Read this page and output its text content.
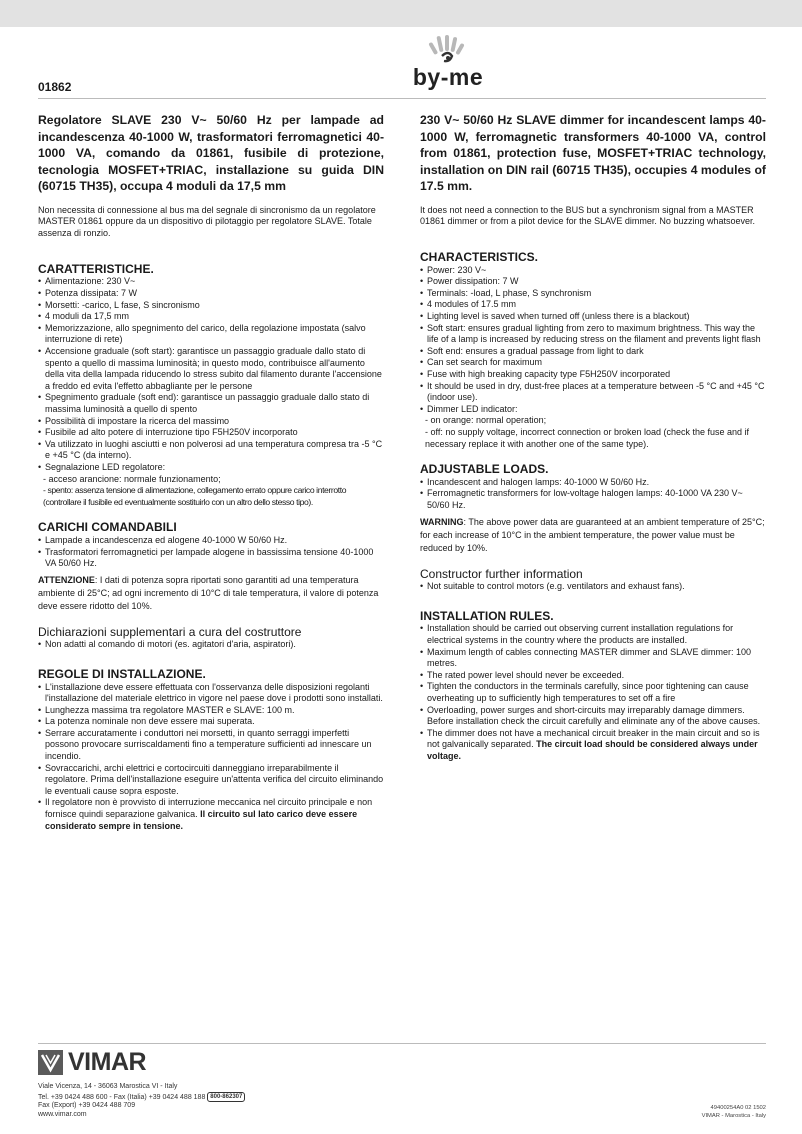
01862	by-me

Regolatore SLAVE 230 V~ 50/60 Hz per lampade ad incandescenza 40-1000 W, trasformatori ferromagnetici 40-1000 VA, comando da 01861, fusibile di protezione, tecnologia MOSFET+TRIAC, installazione su guida DIN (60715 TH35), occupa 4 moduli da 17,5 mm

Non necessita di connessione al bus ma del segnale di sincronismo da un regolatore MASTER 01861 oppure da un dispositivo di pilotaggio per regolatore SLAVE. Totale assenza di ronzio.

CARATTERISTICHE.
• Alimentazione: 230 V~
• Potenza dissipata: 7 W
• Morsetti: -carico, L fase, S sincronismo
• 4 moduli da 17,5 mm
• Memorizzazione, allo spegnimento del carico, della regolazione impostata (salvo interruzione di rete)
• Accensione graduale (soft start): garantisce un passaggio graduale dallo stato di spento a quello di massima luminosità; in questo modo, contribuisce all'aumento della vita della lampada riducendo lo stress subito dal filamento durante l'accensione a freddo ed evita l'effetto abbagliante per le persone
• Spegnimento graduale (soft end): garantisce un passaggio graduale dallo stato di massima luminosità a quello di spento
• Possibilità di impostare la ricerca del massimo
• Fusibile ad alto potere di interruzione tipo F5H250V incorporato
• Va utilizzato in luoghi asciutti e non polverosi ad una temperatura compresa tra -5 °C e +45 °C (da interno).
• Segnalazione LED regolatore:
- acceso arancione: normale funzionamento;
- spento: assenza tensione di alimentazione, collegamento errato oppure carico interrotto (controllare il fusibile ed eventualmente sostituirlo con un altro dello stesso tipo).
CARICHI COMANDABILI
• Lampade a incandescenza ed alogene 40-1000 W 50/60 Hz.
• Trasformatori ferromagnetici per lampade alogene in bassissima tensione 40-1000 VA 50/60 Hz.

ATTENZIONE: I dati di potenza sopra riportati sono garantiti ad una temperatura ambiente di 25°C; ad ogni incremento di 10°C di tale temperatura, il valore di potenza deve essere ridotto del 10%.

Dichiarazioni supplementari a cura del costruttore
• Non adatti al comando di motori (es. agitatori d'aria, aspiratori).
REGOLE DI INSTALLAZIONE.
• L'installazione deve essere effettuata con l'osservanza delle disposizioni regolanti l'installazione del materiale elettrico in vigore nel paese dove i prodotti sono installati.
• Lunghezza massima tra regolatore MASTER e SLAVE: 100 m.
• La potenza nominale non deve essere mai superata.
• Serrare accuratamente i conduttori nei morsetti, in quanto serraggi imperfetti possono provocare surriscaldamenti fino a temperature sufficienti ad innescare un incendio.
• Sovraccarichi, archi elettrici e cortocircuiti danneggiano irreparabilmente il regolatore. Prima dell'installazione eseguire un'attenta verifica del circuito eliminando le eventuali cause sopra esposte.
• Il regolatore non è provvisto di interruzione meccanica nel circuito principale e non fornisce quindi separazione galvanica. Il circuito sul lato carico deve essere considerato sempre in tensione.

230 V~ 50/60 Hz SLAVE dimmer for incandescent lamps 40-1000 W, ferromagnetic transformers 40-1000 VA, control from 01861, protection fuse, MOSFET+TRIAC technology, installation on DIN rail (60715 TH35), occupies 4 modules of 17.5 mm.

It does not need a connection to the BUS but a synchronism signal from a MASTER 01861 dimmer or from a pilot device for the SLAVE dimmer. No buzzing whatsoever.

CHARACTERISTICS.
• Power: 230 V~
• Power dissipation: 7 W
• Terminals: -load, L phase, S synchronism
• 4 modules of 17.5 mm
• Lighting level is saved when turned off (unless there is a blackout)
• Soft start: ensures gradual lighting from zero to maximum brightness. This way the life of a lamp is increased by reducing stress on the filament and prevents light flash
• Soft end: ensures a gradual passage from light to dark
• Can set search for maximum
• Fuse with high breaking capacity type F5H250V incorporated
• It should be used in dry, dust-free places at a temperature between -5 °C and +45 °C (indoor use).
• Dimmer LED indicator:
- on orange: normal operation;
- off: no supply voltage, incorrect connection or broken load (check the fuse and if necessary replace it with another one of the same type).
ADJUSTABLE LOADS.
• Incandescent and halogen lamps: 40-1000 W 50/60 Hz.
• Ferromagnetic transformers for low-voltage halogen lamps: 40-1000 VA 230 V~ 50/60 Hz.

WARNING: The above power data are guaranteed at an ambient temperature of 25°C; for each increase of 10°C in the ambient temperature, the power value must be reduced by 10%.

Constructor further information
• Not suitable to control motors (e.g. ventilators and exhaust fans).
INSTALLATION RULES.
• Installation should be carried out observing current installation regulations for electrical systems in the country where the products are installed.
• Maximum length of cables connecting MASTER dimmer and SLAVE dimmer: 100 metres.
• The rated power level should never be exceeded.
• Tighten the conductors in the terminals carefully, since poor tightening can cause overheating up to sufficiently high temperatures to set off a fire
• Overloading, power surges and short-circuits may irreparably damage dimmers. Before installation check the circuit carefully and eliminate any of the above causes.
• The dimmer does not have a mechanical circuit breaker in the main circuit and so is not galvanically separated. The circuit load should be considered always under voltage.
VIMAR
Viale Vicenza, 14 - 36063 Marostica VI - Italy
Tel. +39 0424 488 600 - Fax (Italia) +39 0424 488 188 800-862307
Fax (Export) +39 0424 488 709
www.vimar.com
49400254A0 02 1502
VIMAR - Marostica - Italy
